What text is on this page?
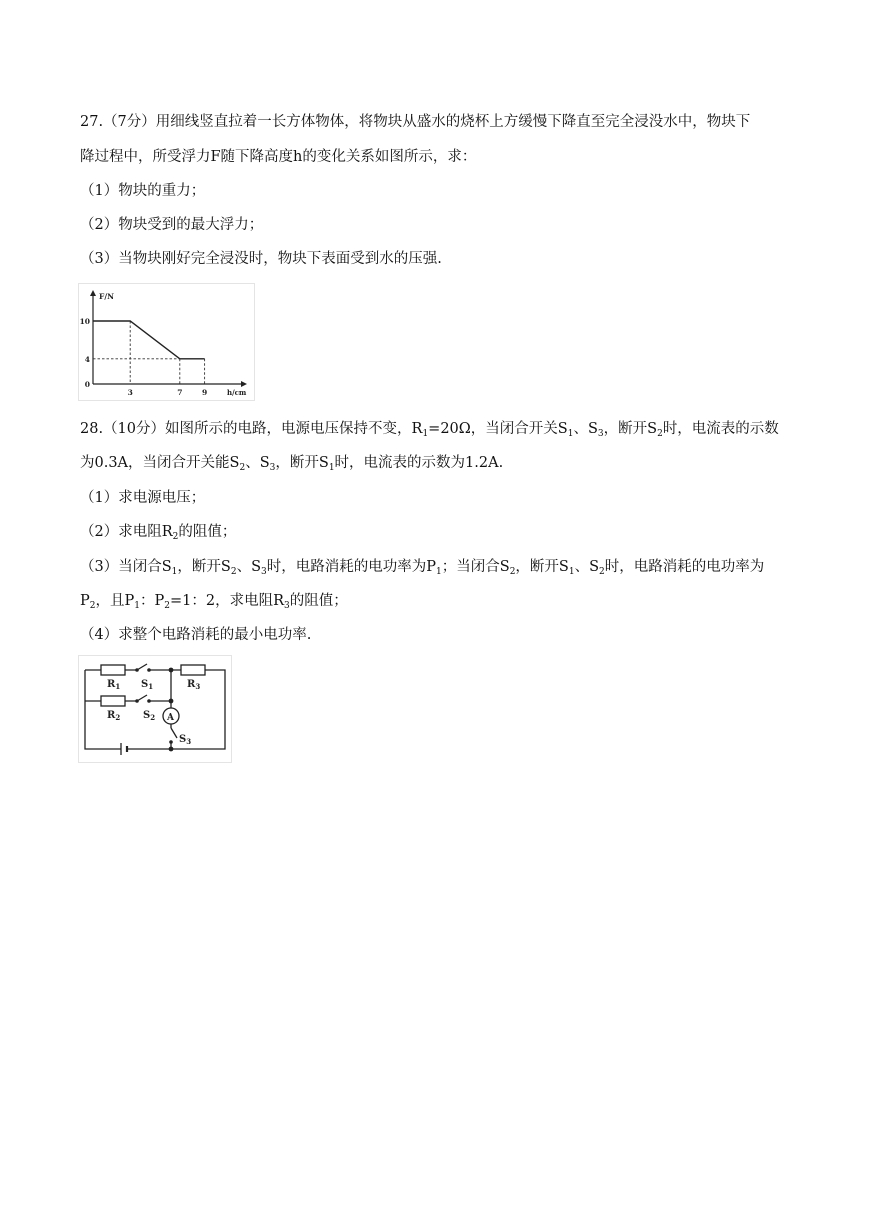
27.（7分）用细线竖直拉着一长方体物体，将物块从盛水的烧杯上方缓慢下降直至完全浸没水中，物块下
降过程中，所受浮力F随下降高度h的变化关系如图所示，求：
（1）物块的重力；
（2）物块受到的最大浮力；
（3）当物块刚好完全浸没时，物块下表面受到水的压强.
F/N
h/cm
0
4
10
3	7	9
28.（10分）如图所示的电路，电源电压保持不变，$R_1=20\Omega$，当闭合开关$S_1$、$S_3$，断开$S_2$时，电流表的示数
为0.3A，当闭合开关能$S_2$、$S_3$，断开$S_1$时，电流表的示数为1.2A.
（1）求电源电压；
（2）求电阻$R_2$的阻值；
（3）当闭合$S_1$，断开$S_2$、$S_3$时，电路消耗的电功率为$P_1$；当闭合$S_2$，断开$S_1$、$S_2$时，电路消耗的电功率为
$P_2$，且$P_1$：$P_2=1$：2，求电阻$R_3$的阻值；
（4）求整个电路消耗的最小电功率.
$R_1$
$R_2$
$R_3$
$S_1$
$S_2$
$S_3$
A
